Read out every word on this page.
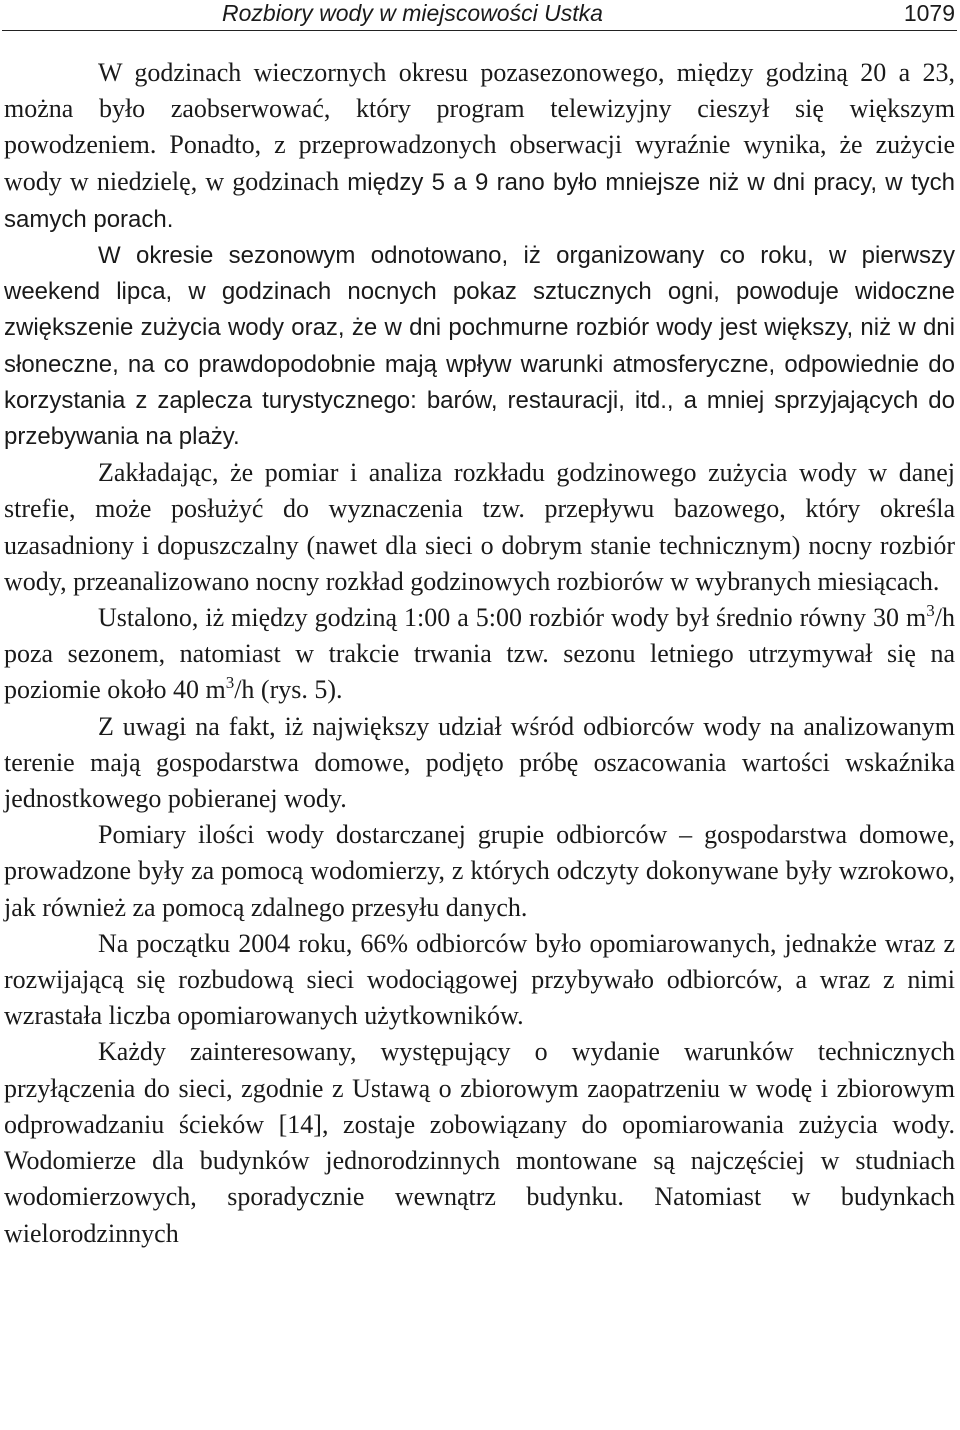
Rozbiory wody w miejscowości Ustka	1079

W godzinach wieczornych okresu pozasezonowego, między godziną 20 a 23, można było zaobserwować, który program telewizyjny cieszył się większym powodzeniem. Ponadto, z przeprowadzonych obserwacji wyraźnie wynika, że zużycie wody w niedzielę, w godzinach między 5 a 9 rano było mniejsze niż w dni pracy, w tych samych porach.

W okresie sezonowym odnotowano, iż organizowany co roku, w pierwszy weekend lipca, w godzinach nocnych pokaz sztucznych ogni, powoduje widoczne zwiększenie zużycia wody oraz, że w dni pochmurne rozbiór wody jest większy, niż w dni słoneczne, na co prawdopodobnie mają wpływ warunki atmosferyczne, odpowiednie do korzystania z zaplecza turystycznego: barów, restauracji, itd., a mniej sprzyjających do przebywania na plaży.

Zakładając, że pomiar i analiza rozkładu godzinowego zużycia wody w danej strefie, może posłużyć do wyznaczenia tzw. przepływu bazowego, który określa uzasadniony i dopuszczalny (nawet dla sieci o dobrym stanie technicznym) nocny rozbiór wody, przeanalizowano nocny rozkład godzinowych rozbiorów w wybranych miesiącach.

Ustalono, iż między godziną 1:00 a 5:00 rozbiór wody był średnio równy 30 $m^3/h$ poza sezonem, natomiast w trakcie trwania tzw. sezonu letniego utrzymywał się na poziomie około 40 $m^3/h$ (rys. 5).

Z uwagi na fakt, iż największy udział wśród odbiorców wody na analizowanym terenie mają gospodarstwa domowe, podjęto próbę oszacowania wartości wskaźnika jednostkowego pobieranej wody.

Pomiary ilości wody dostarczanej grupie odbiorców – gospodarstwa domowe, prowadzone były za pomocą wodomierzy, z których odczyty dokonywane były wzrokowo, jak również za pomocą zdalnego przesyłu danych.

Na początku 2004 roku, 66% odbiorców było opomiarowanych, jednakże wraz z rozwijającą się rozbudową sieci wodociągowej przybywało odbiorców, a wraz z nimi wzrastała liczba opomiarowanych użytkowników.

Każdy zainteresowany, występujący o wydanie warunków technicznych przyłączenia do sieci, zgodnie z Ustawą o zbiorowym zaopatrzeniu w wodę i zbiorowym odprowadzaniu ścieków [14], zostaje zobowiązany do opomiarowania zużycia wody. Wodomierze dla budynków jednorodzinnych montowane są najczęściej w studniach wodomierzowych, sporadycznie wewnątrz budynku. Natomiast w budynkach wielorodzinnych
